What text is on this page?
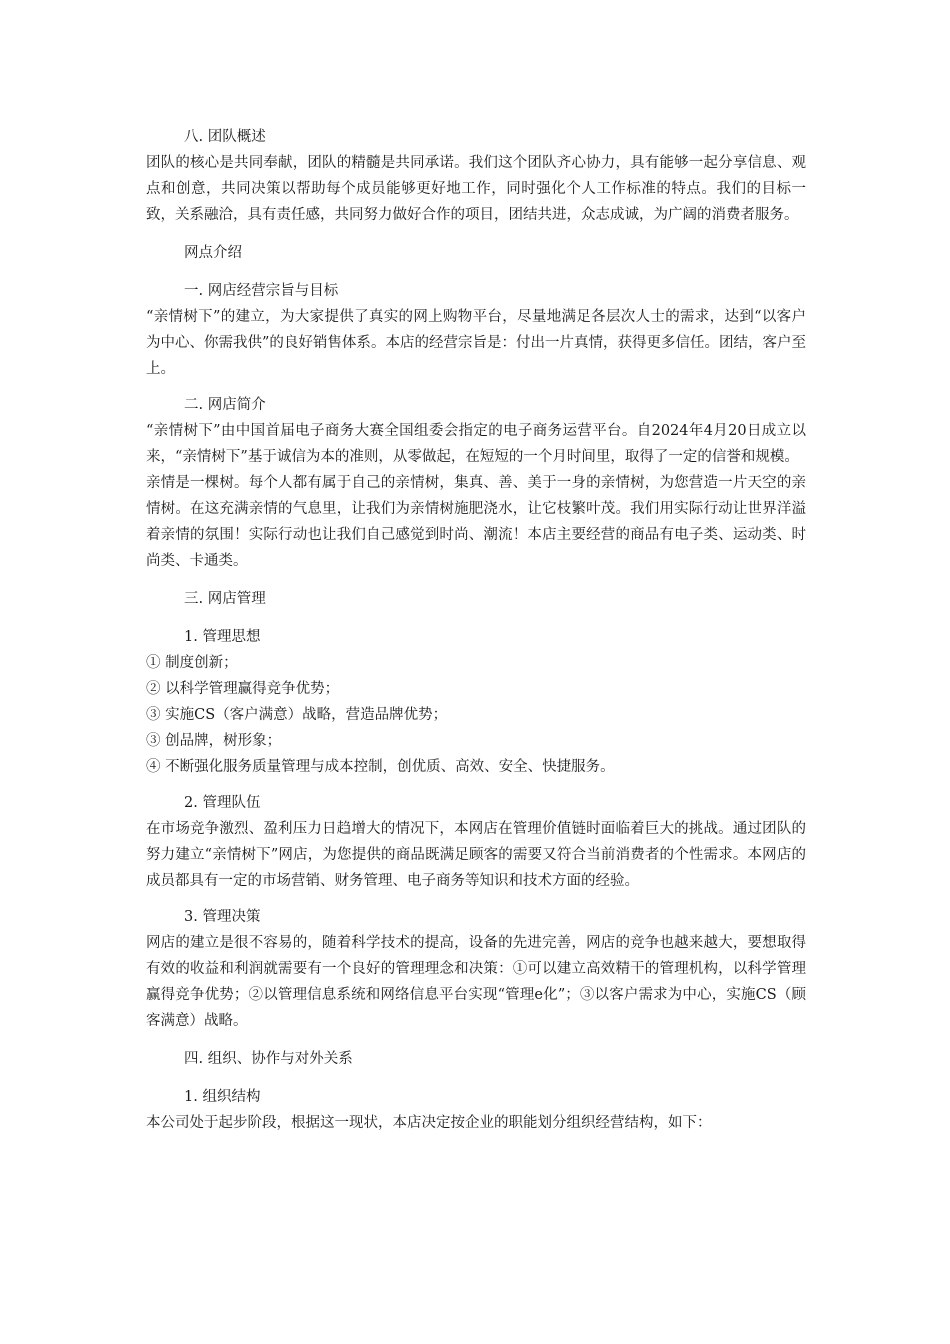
八. 团队概述

团队的核心是共同奉献，团队的精髓是共同承诺。我们这个团队齐心协力，具有能够一起分享信息、观点和创意，共同决策以帮助每个成员能够更好地工作，同时强化个人工作标准的特点。我们的目标一致，关系融洽，具有责任感，共同努力做好合作的项目，团结共进，众志成诚，为广阔的消费者服务。

网点介绍

一. 网店经营宗旨与目标

“亲情树下”的建立，为大家提供了真实的网上购物平台，尽量地满足各层次人士的需求，达到“以客户为中心、你需我供”的良好销售体系。本店的经营宗旨是：付出一片真情，获得更多信任。团结，客户至上。

二. 网店简介

“亲情树下”由中国首届电子商务大赛全国组委会指定的电子商务运营平台。自2024年4月20日成立以来，“亲情树下”基于诚信为本的准则，从零做起，在短短的一个月时间里，取得了一定的信誉和规模。

亲情是一棵树。每个人都有属于自己的亲情树，集真、善、美于一身的亲情树，为您营造一片天空的亲情树。在这充满亲情的气息里，让我们为亲情树施肥浇水，让它枝繁叶茂。我们用实际行动让世界洋溢着亲情的氛围！实际行动也让我们自己感觉到时尚、潮流！本店主要经营的商品有电子类、运动类、时尚类、卡通类。

三. 网店管理

1. 管理思想

① 制度创新；

② 以科学管理赢得竞争优势；

③ 实施CS（客户满意）战略，营造品牌优势；

③ 创品牌，树形象；

④ 不断强化服务质量管理与成本控制，创优质、高效、安全、快捷服务。

2. 管理队伍

在市场竞争激烈、盈利压力日趋增大的情况下，本网店在管理价值链时面临着巨大的挑战。通过团队的努力建立“亲情树下”网店，为您提供的商品既满足顾客的需要又符合当前消费者的个性需求。本网店的成员都具有一定的市场营销、财务管理、电子商务等知识和技术方面的经验。

3. 管理决策

网店的建立是很不容易的，随着科学技术的提高，设备的先进完善，网店的竞争也越来越大，要想取得有效的收益和利润就需要有一个良好的管理理念和决策：①可以建立高效精干的管理机构，以科学管理赢得竞争优势；②以管理信息系统和网络信息平台实现“管理e化”；③以客户需求为中心，实施CS（顾客满意）战略。

四. 组织、协作与对外关系

1. 组织结构

本公司处于起步阶段，根据这一现状，本店决定按企业的职能划分组织经营结构，如下：
